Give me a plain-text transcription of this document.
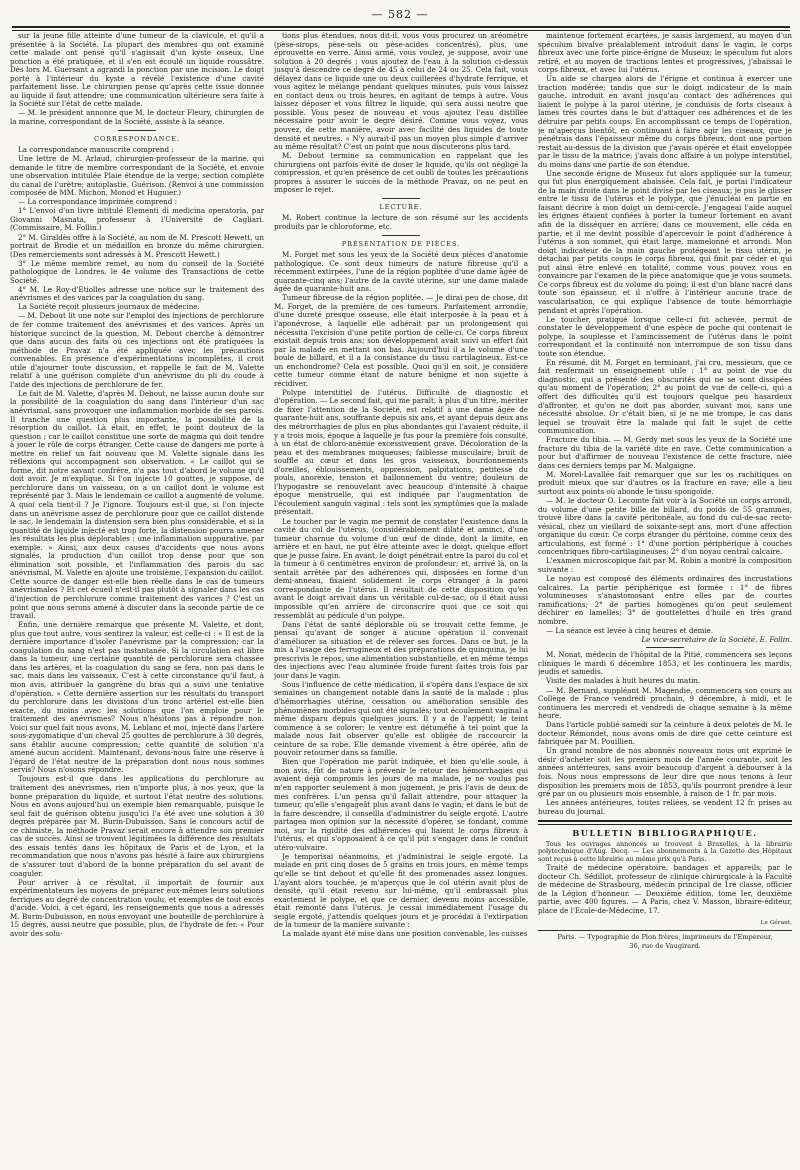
— 582 —

sur la jeune fille atteinte d'une tumeur de la clavicule, et qu'il a présentée à la Société. La plupart des membres qui ont examiné cette malade ont pensé qu'il s'agissait d'un kyste osseux. Une ponction a été pratiquée, et il s'en est écoulé un liquide roussâtre. Dès lors M. Guersant a agrandi la ponction par une incision. Le doigt porté à l'intérieur du kyste a révélé l'existence d'une cavité parfaitement lisse. Le chirurgien pense qu'après cette issue donnée au liquide il faut attendre; une communication ultérieure sera faite à la Société sur l'état de cette malade.

— M. le président annonce que M. le docteur Fleury, chirurgien de la marine, correspondant de la Société, assiste à la séance.

CORRESPONDANCE.

La correspondance manuscrite comprend :

Une lettre de M. Arlaud, chirurgien-professeur de la marine, qui demande le titre de membre correspondant de la Société, et envoie une observation intitulée Plaie étendue de la verge; section complète du canal de l'urètre; autoplastie. Guérison. (Renvoi à une commission composée de MM. Michon, Monod et Huguier.)

— La correspondance imprimée comprend :

1° L'envoi d'un livre intitulé Elementi di medicina operatoria, par Giovanni Masnata, professeur à l'Université de Cagliari. (Commissaire, M. Follin.)

2° M. Giraldès offre à la Société, au nom de M. Prescott Hewett, un portrait de Brodie et un médaillon en bronze du même chirurgien. (Des remerciements sont adressés à M. Prescott Hewett.)

3° Le même membre remet, au nom du conseil de la Société pathologique de Londres, le 4e volume des Transactions de cette Société.

4° M. Le Roy-d'Etiolles adresse une notice sur le traitement des anévrismes et des varices par la coagulation du sang.

La Société reçoit plusieurs journaux de médecine.

— M. Debout lit une note sur l'emploi des injections de perchlorure de fer comme traitement des anévrismes et des varices. Après un historique succinct de la question, M. Debout cherche à démontrer que dans aucun des faits où ces injections ont été pratiquées la méthode de Pravaz n'a été appliquée avec les précautions convenables. En présence d'expérimentations incomplètes, il croit utile d'ajourner toute discussion, et rappelle le fait de M. Valette relatif à une guérison complète d'un anévrisme du pli du coude à l'aide des injections de perchlorure de fer.

Le fait de M. Valette, d'après M. Debout, ne laisse aucun doute sur la possibilité de la coagulation du sang dans l'intérieur d'un sac anévrismal, sans provoquer une inflammation morbide de ses parois. Il tranche une question plus importante, la possibilité de la résorption du caillot. Là était, en effet, le point douteux de la question ; car le caillot constitue une sorte de magma qui doit tendre à jouer le rôle de corps étranger. Cette cause de dangers me porte à mettre en relief un fait nouveau que M. Valette signale dans les réflexions qui accompagnent son observation. « Le caillot qui se forme, dit notre savant confrère, n'a pas tout d'abord le volume qu'il doit avoir. Je m'explique. Si l'on injecte 10 gouttes, je suppose, de perchlorure dans un vaisseau, on a un caillot dont le volume est représenté par 3. Mais le lendemain ce caillot a augmenté de volume. A quoi cela tient-il ? Je l'ignore. Toujours est-il que, si l'on injecte dans un anévrisme assez de perchlorure pour que ce caillot distende le sac, le lendemain la distension sera bien plus considérable, et si la quantité de liquide injecté est trop forte, la distension pourra amener les résultats les plus déplorables : une inflammation suppurative, par exemple. » Ainsi, aux deux causes d'accidents que nous avons signalés, la production d'un caillot trop dense pour que son élimination soit possible, et l'inflammation des parois du sac anévrismal, M. Valette en ajoute une troisième, l'expansion du caillot. Cette source de danger est-elle bien réelle dans le cas de tumeurs anévrismales ? Et cet écueil n'est-il pas plutôt à signaler dans les cas d'injection de perchlorure comme traitement des varices ? C'est un point que nous serons amené à discuter dans la seconde partie de ce travail.

Enfin, une dernière remarque que présente M. Valette, et dont, plus que tout autre, vous sentirez la valeur, est celle-ci : « Il est de la dernière importance d'isoler l'anévrisme par la compression; car la coagulation du sang n'est pas instantanée. Si la circulation est libre dans la tumeur, une certaine quantité de perchlorure sera chassée dans les artères, et la coagulation du sang se fera, non pas dans le sac, mais dans les vaisseaux. C'est à cette circonstance qu'il faut, à mon avis, attribuer la gangrène du bras qui a suivi une tentative d'opération. » Cette dernière assertion sur les résultats du transport du perchlorure dans les divisions d'un tronc artériel est-elle bien exacte, du moins avec les solutions que l'on emploie pour le traitement des anévrismes? Nous n'hésitons pas à répondre non. Voici sur quel fait nous avons, M. Leblanc et moi, injecté dans l'artère sous-zygomatique d'un cheval 25 gouttes de perchlorure à 30 degrés, sans établir aucune compression; cette quantité de solution n'a amené aucun accident. Maintenant, devons-nous faire une réserve à l'égard de l'état neutre de la préparation dont nous nous sommes servis? Nous n'osons répondre.

Toujours est-il que dans les applications du perchlorure au traitement des anévrismes, rien n'importe plus, à nos yeux, que la bonne préparation du liquide, et surtout l'état neutre des solutions. Nous en avons aujourd'hui un exemple bien remarquable, puisque le seul fait de guérison obtenu jusqu'ici l'a été avec une solution à 30 degrés préparée par M. Burin-Dubuisson. Sans le concours actif de ce chimiste, la méthode Pravaz serait encore à attendre son premier cas de succès. Ainsi se trouvent légitimées la différence des résultats des essais tentés dans les hôpitaux de Paris et de Lyon, et la recommandation que nous n'avons pas hésité à faire aux chirurgiens de s'assurer tout d'abord de la bonne préparation du sel avant de coaguler.

Pour arriver à ce résultat, il importait de fournir aux expérimentateurs les moyens de préparer eux-mêmes leurs solutions ferriques au degré de concentration voulu, et exemptes de tout excès d'acide. Voici, à cet égard, les renseignements que nous a adressés M. Burin-Dubuisson, en nous envoyant une bouteille de perchlorure à 15 degrés, aussi neutre que possible, plus, de l'hydrate de fer. « Pour avoir des solu-

tions plus étendues, nous dit-il, vous vous procurez un aréomètre (pèse-sirops, pèse-sels ou pèse-acides concentrés), plus, une éprouvette en verre. Ainsi armé, vous voulez, je suppose, avoir une solution à 20 degrés ; vous ajoutez de l'eau à la solution ci-dessus jusqu'à descendre ce degré de 45 à celui de 24 ou 25. Cela fait, vous délayez dans ce liquide une ou deux cuillerées d'hydrate ferrique, et vous agitez le mélange pendant quelques minutes, puis vous laissez en contact deux ou trois heures, en agitant de temps à autre. Vous laissez déposer et vous filtrez le liquide, qui sera aussi neutre que possible. Vous pesez de nouveau et vous ajoutez l'eau distillée nécessaire pour avoir le degré désiré. Comme vous voyez, vous pouvez, de cette manière, avoir avec facilité des liquides de toute densité et neutres. » N'y aurait-il pas un moyen plus simple d'arriver au même résultat? C'est un point que nous discuterons plus tard.

M. Debout termine sa communication en rappelant que les chirurgiens ont parfois évité de doser le liquide, qu'ils ont négligé la compression, et qu'en présence de cet oubli de toutes les précautions propres à assurer le succès de la méthode Pravaz, on ne peut en imposer le rejet.

LECTURE.

M. Robert continue la lecture de son résumé sur les accidents produits par le chloroforme, etc.

PRÉSENTATION DE PIÈCES.

M. Forget met sous les yeux de la Société deux pièces d'anatomie pathologique. Ce sont deux tumeurs de nature fibreuse qu'il a récemment extirpées, l'une de la région poplitée d'une dame âgée de quarante-cinq ans; l'autre de la cavité utérine, sur une dame malade âgée de quarante-huit ans.

Tumeur fibreuse de la région poplitée. — Je dirai peu de chose, dit M. Forget, de la première de ces tumeurs. Parfaitement arrondie, d'une dureté presque osseuse, elle était interposée à la peau et à l'aponévrose, à laquelle elle adhérait par un prolongement qui nécessita l'excision d'une petite portion de celle-ci. Ce corps fibreux existait depuis trois ans; son développement avait suivi un effort fait par la malade en mettant son bas. Aujourd'hui il a le volume d'une boule de billard, et il a la consistance du tissu cartilagineux. Est-ce un enchondrome? Cela est possible. Quoi qu'il en soit, je considère cette tumeur comme étant de nature bénigne et non sujette à récidiver.

Polype interstitiel de l'utérus. Difficulté de diagnostic et d'opération. — Le second fait, qui me paraît, à plus d'un titre, mériter de fixer l'attention de la Société, est relatif à une dame âgée de quarante-huit ans, souffrante depuis six ans, et ayant depuis deux ans des métrorrhagies de plus en plus abondantes qui l'avaient réduite, il y a trois mois, époque à laquelle je fus pour la première fois consulté, à un état de chloro-anémie excessivement grave. Décoloration de la peau et des membranes muqueuses; faiblesse musculaire; bruit de souffle au cœur et dans les gros vaisseaux, bourdonnements d'oreilles, éblouissements, oppression, palpitations, petitesse du pouls, anorexie, tension et ballonnement du ventre; douleurs de l'hypogastre se renouvelant avec beaucoup d'intensité à chaque époque menstruelle, qui est indiquée par l'augmentation de l'écoulement sanguin vaginal : tels sont les symptômes que la malade présentait.

Le toucher par le vagin me permit de constater l'existence dans la cavité du col de l'utérus, (considérablement dilaté et aminci, d'une tumeur charnue du volume d'un œuf de dinde, dont la limite, en arrière et en haut, ne put être atteinte avec le doigt, quelque effort que je pusse faire. En avant, le doigt pénétrait entre la paroi du col et la tumeur à 6 centimètres environ de profondeur; et, arrivé là, on la sentait arrêtée par des adhérences qui, disposées en forme d'un demi-anneau, fixaient solidement le corps étranger à la paroi correspondante de l'utérus. Il résultait de cette disposition qu'en avant le doigt arrivait dans un véritable cul-de-sac, où il était aussi impossible qu'en arrière de circonscrire quoi que ce soit qui ressemblât au pédicule d'un polype.

Dans l'état de santé déplorable où se trouvait cette femme, je pensai qu'avant de songer à aucune opération il convenait d'améliorer sa situation et de relever ses forces. Dans ce but, je la mis à l'usage des ferrugineux et des préparations de quinquina, je lui prescrivis le repos, une alimentation substantielle, et en même temps des injections avec l'eau aluminée froide furent faites trois fois par jour dans le vagin.

Sous l'influence de cette médication, il s'opéra dans l'espace de six semaines un changement notable dans la santé de la malade : plus d'hémorrhagies utérine, cessation ou amélioration sensible des phénomènes morbides qui ont été signalés; tout écoulement vaginal a même disparu depuis quelques jours. Il y a de l'appétit; le teint commence à se colorer; le ventre est détuméfié à tel point que la malade nous fait observer qu'elle est obligée de raccourcir la ceinture de sa robe. Elle demande vivement à être opérée, afin de pouvoir retourner dans sa famille.

Bien que l'opération me parût indiquée, et bien qu'elle soule, à mon avis, fût de nature à prévenir le retour des hémorrhagies qui avaient déjà compromis les jours de ma malade, je ne voulus pas m'en rapporter seulement à mon jugement, je pris l'avis de deux de mes confrères. L'un pensa qu'il fallait attendre, pour attaquer la tumeur, qu'elle s'engageât plus avant dans le vagin; et dans le but de la faire descendre, il conseilla d'administrer du seigle ergoté. L'autre partagea mon opinion sur la nécessité d'opérer, se fondant, comme moi, sur la rigidité des adhérences qui liaient le corps fibreux à l'utérus, et qui s'opposaient à ce qu'il pût s'engager dans le conduit utéro-vulvaire.

Je temporisai néanmoins, et j'administrai le seigle ergoté. La malade en prit cinq doses de 5 grains en trois jours, en même temps qu'elle se tint debout et qu'elle fit des promenades assez longues. L'ayant alors touchée, je m'aperçus que le col utérin avait plus de densité, qu'il était revenu sur lui-même, qu'il embrassait plus exactement le polype, et que ce dernier, devenu moins accessible, était remonté dans l'utérus. Je cessai immédiatement l'usage du seigle ergoté, j'attendis quelques jours et je procédai à l'extirpation de la tumeur de la manière suivante :

La malade ayant été mise dans une position convenable, les cuisses

maintenue fortement écartées, je saisis largement, au moyen d'un spéculum bivalve préalablement introduit dans le vagin, le corps fibreux avec une forte pince-érigne de Museux; le spéculum fut alors retiré, et au moyen de tractions lentes et progressives, j'abaissai le corps fibreux, et avec lui l'utérus.

Un aide se chargea alors de l'érigne et continua à exercer une traction modérée; tandis que sur le doigt indicateur de la main gauche, introduit en avant jusqu'au contact des adhérences qui liaient le polype à la paroi utérine, je conduisis de forts ciseaux à lames très courtes dans le but d'attaquer ces adhérences et de les détruire par petits coups. En accomplissant ce temps de l'opération, je m'aperçus bientôt, en continuant à faire agir les ciseaux, que je pénétrais dans l'épaisseur même du corps fibreux, dont une portion restait au-dessus de la division que j'avais opérée et était enveloppée par le tissu de la matrice; j'avais donc affaire à un polype interstitiel, du moins dans une partie de son étendue.

Une seconde érigne de Museux fut alors appliquée sur la tumeur, qui fut plus énergiquement abaissée. Cela fait, je portai l'indicateur de la main droite dans le point divisé par les ciseaux; je pus le glisser entre le tissu de l'utérus et le polype, que j'énucléai en partie en faisant décrire à mon doigt un demi-cercle. J'engageai l'aide auquel les érignes étaient confiées à porter la tumeur fortement en avant afin de la disséquer en arrière; dans ce mouvement, elle céda en partie, et il me devint possible d'apercevoir le point d'adhérence à l'utérus à son sommet, qui était large, mamelonné et arrondi. Mon doigt indicateur de la main gauche protégeant le tissu utérin, je détachai par petits coups le corps fibreux, qui finit par céder et qui put ainsi être enlevé en totalité, comme vous pouvez vous en convaincre par l'examen de la pièce anatomique que je vous soumets. Ce corps fibreux est du volume du poing; il est d'un blanc nacré dans toute son épaisseur, et il n'offre à l'intérieur aucune trace de vascularisation, ce qui explique l'absence de toute hémorrhagie pendant et après l'opération.

Le toucher, pratiqué lorsque celle-ci fut achevée, permit de constater le développement d'une espèce de poche qui contenait le polype, la souplesse et l'amincissement de l'utérus dans le point correspondant et la continuité non interrompue de son tissu dans toute son étendue.

En résumé, dit M. Forget en terminant, j'ai cru, messieurs, que ce fait renfermait un enseignement utile : 1° au point de vue du diagnostic, qui a présenté des obscurités qui ne se sont dissipées qu'au moment de l'opération; 2° au point de vue de celle-ci, qui a offert des difficultés qu'il est toujours quelque peu hasardeux d'affronter, et qu'on ne doit pas aborder, suivant moi, sans une nécessité absolue. Or c'était bien, si je ne me trompe, le cas dans lequel se trouvait être la malade qui fait le sujet de cette communication.

Fracture du tibia. — M. Gerdy met sous les yeux de la Société une fracture du tibia de la variété dite en rave. Cette communication a pour but d'affirmer de nouveau l'existence de cette fracture, niée dans ces derniers temps par M. Malgaigne.

M. Morel-Lavallée fait remarquer que sur les os rachitiques on produit mieux que sur d'autres os la fracture en rave; elle a lieu surtout aux points où abonde le tissu spongoïde.

— M. le docteur O. Lecomte fait voir à la Société un corps arrondi, du volume d'une petite bille de billard, du poids de 55 grammes, trouvé libre dans la cavité péritonéale, au fond du cul-de-sac recto-vésical, chez un vieillard de soixante-sept ans, mort d'une affection organique du cœur. Ce corps étranger du péritoine, comme ceux des articulations, est formé : 1° d'une portion périphérique à couches concentriques fibro-cartilagineuses; 2° d'un noyau central calcaire.

L'examen microscopique fait par M. Robin a montré la composition suivante :

Le noyau est composé des éléments ordinaires des incrustations calcaires. La partie périphérique est formée : 1° de fibres volumineuses s'anastomosant entre elles par de courtes ramifications; 2° de parties homogènes qu'on peut seulement déchirer en lamelles; 3° de gouttelettes d'huile en très grand nombre.

— La séance est levée à cinq heures et demie.

Le vice-secrétaire de la Société, E. Follin.

M. Nonat, médecin de l'hôpital de la Pitié, commencera ses leçons cliniques le mardi 6 décembre 1853, et les continuera les mardis, jeudis et samedis.

Visite des malades à huit heures du matin.

— M. Bernard, suppléant M. Magendie, commencera son cours au Collège de France vendredi prochain, 9 décembre, à midi, et le continuera les mercredi et vendredi de chaque semaine à la même heure.

Dans l'article publié samedi sur la ceinture à deux pelotes de M. le docteur Rémondet, nous avons omis de dire que cette ceinture est fabriquée par M. Pouillien.

Un grand nombre de nos abonnés nouveaux nous ont exprimé le désir d'acheter soit les premiers mois de l'année courante, soit les années antérieures, sans avoir beaucoup d'argent à débourser à la fois. Nous nous empressons de leur dire que nous tenons à leur disposition les premiers mois de 1853, qu'ils pourront prendre à leur gré par un ou plusieurs mois ensemble, à raison de 1 fr. par mois.

Les années antérieures, toutes reliées, se vendent 12 fr. prises au bureau du journal.

BULLETIN BIBLIOGRAPHIQUE.

Tous les ouvrages annoncés se trouvent à Bruxelles, à la librairie polytechnique d'Aug. Decq. — Les abonnements à la Gazette des Hôpitaux sont reçus à cette librairie au même prix qu'à Paris.

Traité de médecine opératoire, bandages et appareils; par le docteur Ch. Sédillot, professeur de clinique chirurgicale à la Faculté de médecine de Strasbourg, médecin principal de 1re classe, officier de la Légion d'honneur. — Deuxième édition, tome Ier, deuxième partie, avec 400 figures. — A Paris, chez V. Masson, libraire-éditeur, place de l'Ecole-de-Médecine, 17.

Le Gérant,

Paris. — Typographie de Plon frères, imprimeurs de l'Empereur,

36, rue de Vaugirard.
